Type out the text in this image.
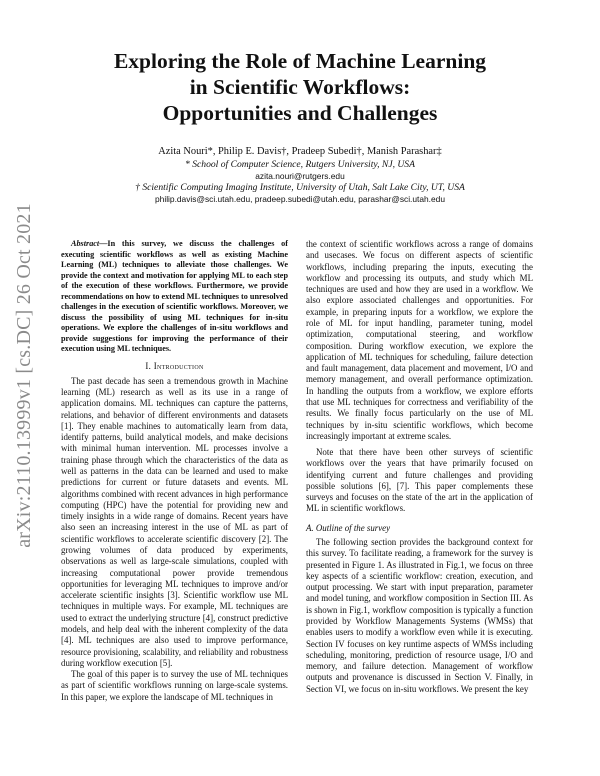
arXiv:2110.13999v1 [cs.DC] 26 Oct 2021
Exploring the Role of Machine Learning
in Scientific Workflows:
Opportunities and Challenges
Azita Nouri*, Philip E. Davis†, Pradeep Subedi†, Manish Parashar‡
* School of Computer Science, Rutgers University, NJ, USA
azita.nouri@rutgers.edu
† Scientific Computing Imaging Institute, University of Utah, Salt Lake City, UT, USA
philip.davis@sci.utah.edu, pradeep.subedi@utah.edu, parashar@sci.utah.edu

Abstract—In this survey, we discuss the challenges of executing scientific workflows as well as existing Machine Learning (ML) techniques to alleviate those challenges. We provide the context and motivation for applying ML to each step of the execution of these workflows. Furthermore, we provide recommendations on how to extend ML techniques to unresolved challenges in the execution of scientific workflows. Moreover, we discuss the possibility of using ML techniques for in-situ operations. We explore the challenges of in-situ workflows and provide suggestions for improving the performance of their execution using ML techniques.

I. Introduction

The past decade has seen a tremendous growth in Machine learning (ML) research as well as its use in a range of application domains. ML techniques can capture the patterns, relations, and behavior of different environments and datasets [1]. They enable machines to automatically learn from data, identify patterns, build analytical models, and make decisions with minimal human intervention. ML processes involve a training phase through which the characteristics of the data as well as patterns in the data can be learned and used to make predictions for current or future datasets and events. ML algorithms combined with recent advances in high performance computing (HPC) have the potential for providing new and timely insights in a wide range of domains. Recent years have also seen an increasing interest in the use of ML as part of scientific workflows to accelerate scientific discovery [2]. The growing volumes of data produced by experiments, observations as well as large-scale simulations, coupled with increasing computational power provide tremendous opportunities for leveraging ML techniques to improve and/or accelerate scientific insights [3]. Scientific workflow use ML techniques in multiple ways. For example, ML techniques are used to extract the underlying structure [4], construct predictive models, and help deal with the inherent complexity of the data [4]. ML techniques are also used to improve performance, resource provisioning, scalability, and reliability and robustness during workflow execution [5].

The goal of this paper is to survey the use of ML techniques as part of scientific workflows running on large-scale systems. In this paper, we explore the landscape of ML techniques in

the context of scientific workflows across a range of domains and usecases. We focus on different aspects of scientific workflows, including preparing the inputs, executing the workflow and processing its outputs, and study which ML techniques are used and how they are used in a workflow. We also explore associated challenges and opportunities. For example, in preparing inputs for a workflow, we explore the role of ML for input handling, parameter tuning, model optimization, computational steering, and workflow composition. During workflow execution, we explore the application of ML techniques for scheduling, failure detection and fault management, data placement and movement, I/O and memory management, and overall performance optimization. In handling the outputs from a workflow, we explore efforts that use ML techniques for correctness and verifiability of the results. We finally focus particularly on the use of ML techniques by in-situ scientific workflows, which become increasingly important at extreme scales.

Note that there have been other surveys of scientific workflows over the years that have primarily focused on identifying current and future challenges and providing possible solutions [6], [7]. This paper complements these surveys and focuses on the state of the art in the application of ML in scientific workflows.

A. Outline of the survey

The following section provides the background context for this survey. To facilitate reading, a framework for the survey is presented in Figure 1. As illustrated in Fig.1, we focus on three key aspects of a scientific workflow: creation, execution, and output processing. We start with input preparation, parameter and model tuning, and workflow composition in Section III. As is shown in Fig.1, workflow composition is typically a function provided by Workflow Managements Systems (WMSs) that enables users to modify a workflow even while it is executing. Section IV focuses on key runtime aspects of WMSs including scheduling, monitoring, prediction of resource usage, I/O and memory, and failure detection. Management of workflow outputs and provenance is discussed in Section V. Finally, in Section VI, we focus on in-situ workflows. We present the key
